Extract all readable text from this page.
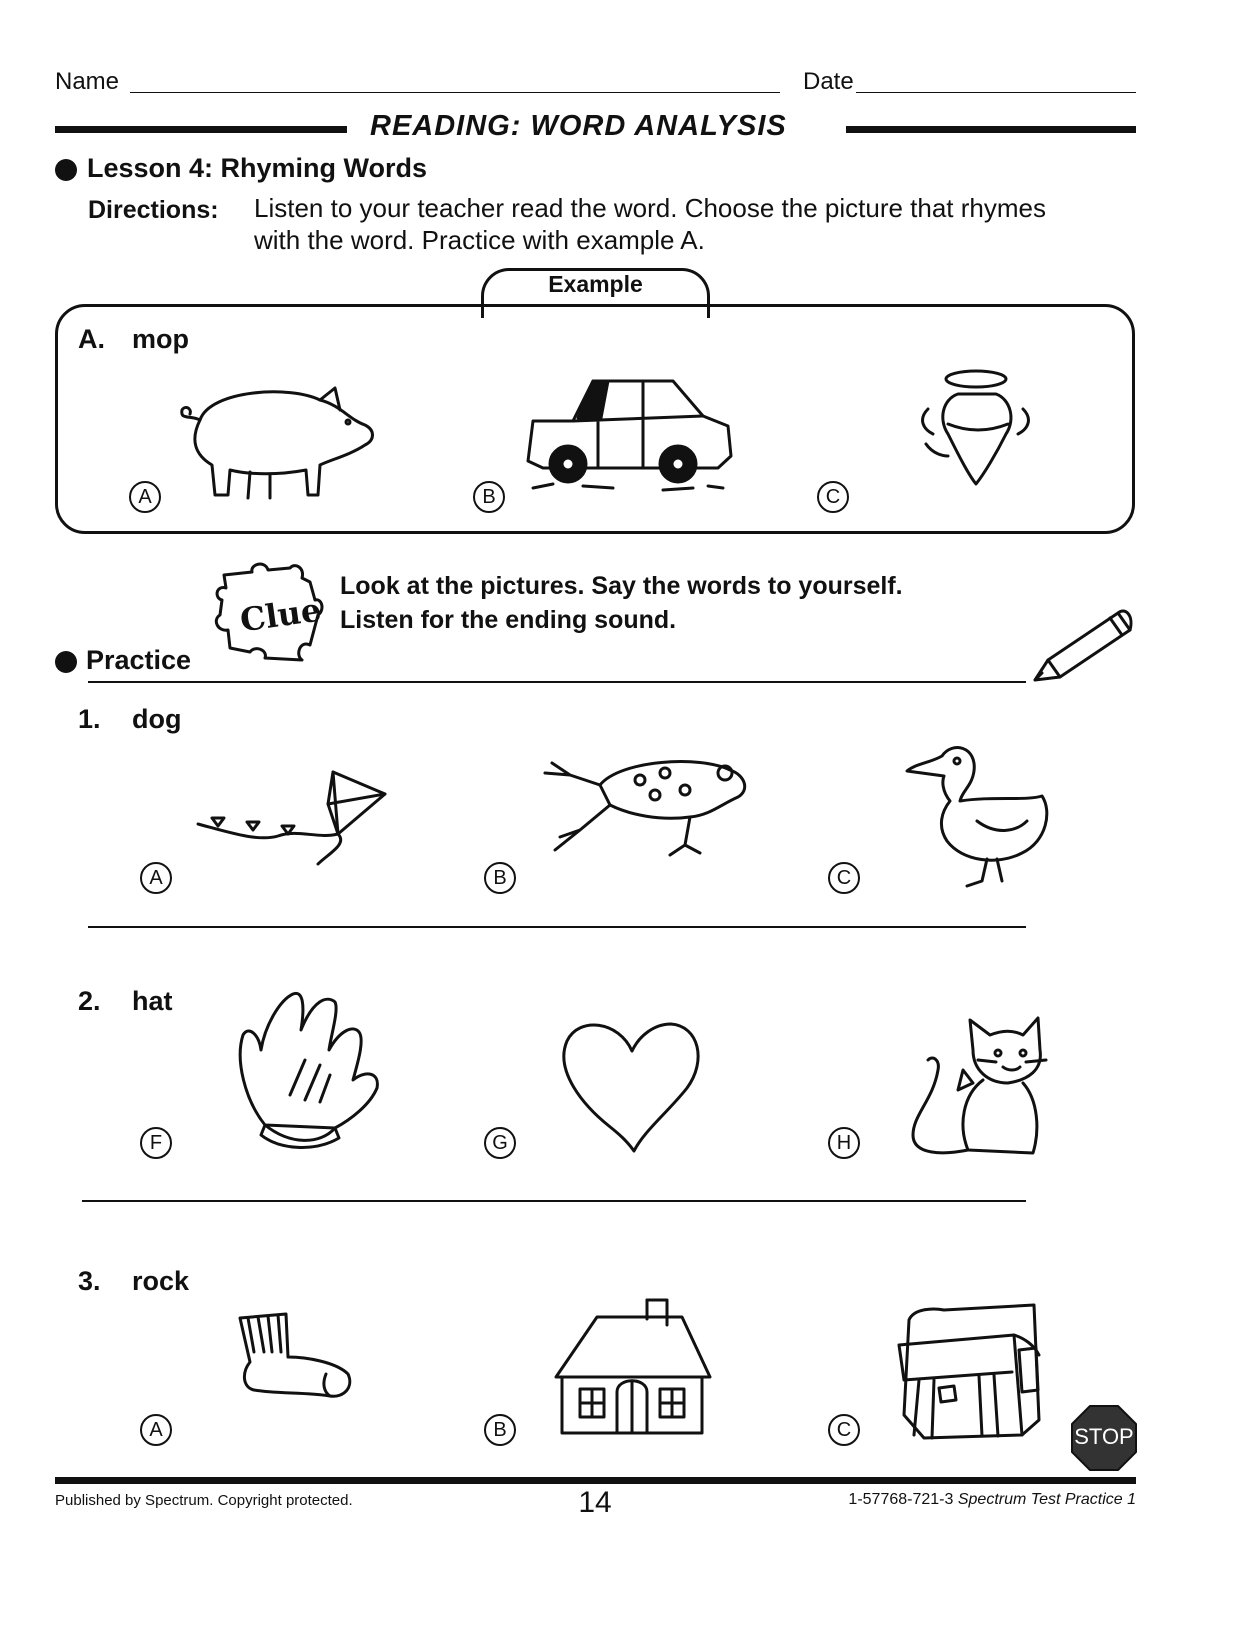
Name	Date
READING: WORD ANALYSIS
Lesson 4: Rhyming Words
Directions: Listen to your teacher read the word. Choose the picture that rhymes
with the word. Practice with example A.
Example
A. mop
A	B	C
Clue
Look at the pictures. Say the words to yourself.
Listen for the ending sound.
Practice
1. dog
A	B	C
2. hat
F	G	H
3. rock
A	B	C	STOP
Published by Spectrum. Copyright protected.	14	1-57768-721-3 Spectrum Test Practice 1
